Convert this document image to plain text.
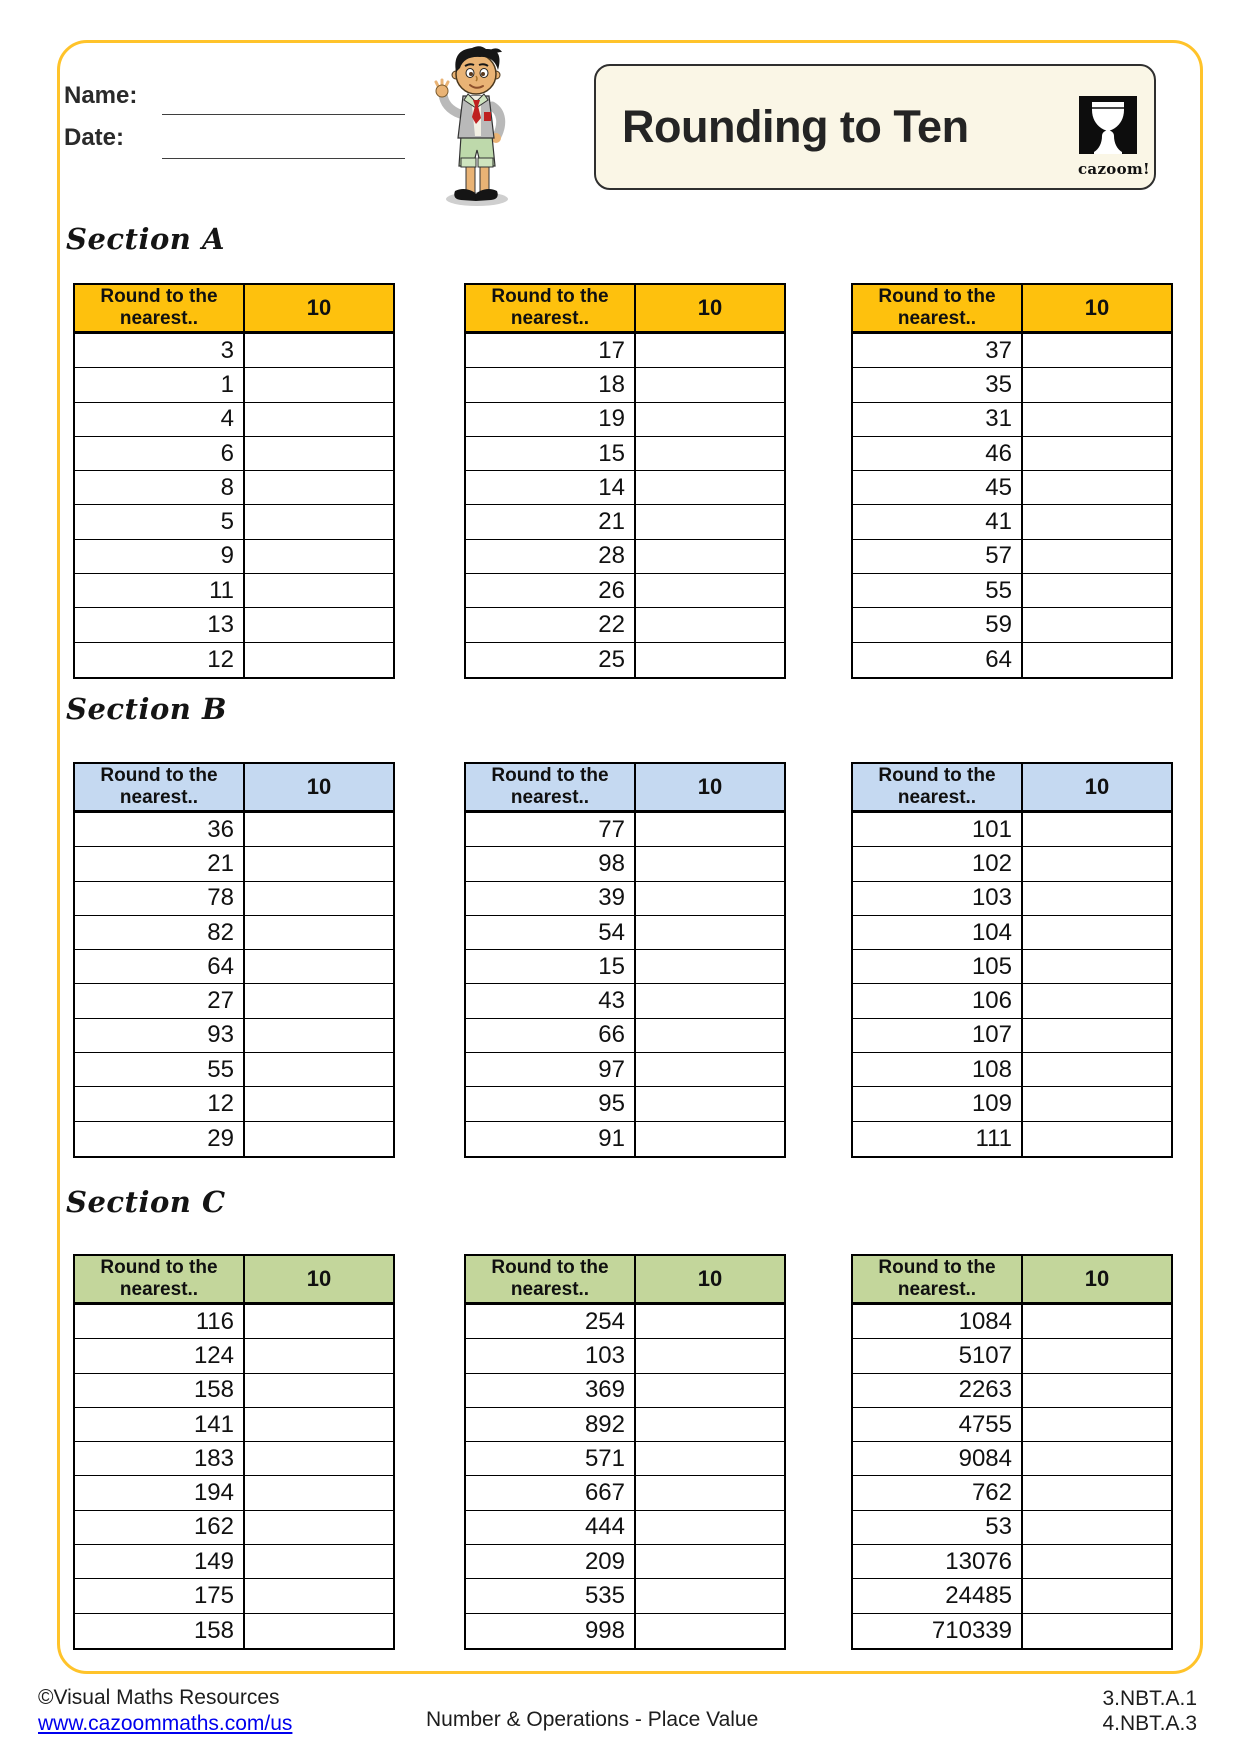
Name:
Date:	Rounding to Ten
cazoom!
Section A
Round to the nearest..	10
3
1
4
6
8
5
9
11
13
12
Round to the nearest..	10
17
18
19
15
14
21
28
26
22
25
Round to the nearest..	10
37
35
31
46
45
41
57
55
59
64
Section B
Round to the nearest..	10
36
21
78
82
64
27
93
55
12
29
Round to the nearest..	10
77
98
39
54
15
43
66
97
95
91
Round to the nearest..	10
101
102
103
104
105
106
107
108
109
111
Section C
Round to the nearest..	10
116
124
158
141
183
194
162
149
175
158
Round to the nearest..	10
254
103
369
892
571
667
444
209
535
998
Round to the nearest..	10
1084
5107
2263
4755
9084
762
53
13076
24485
710339
©Visual Maths Resources
www.cazoommaths.com/us	Number & Operations - Place Value
3.NBT.A.1
4.NBT.A.3
